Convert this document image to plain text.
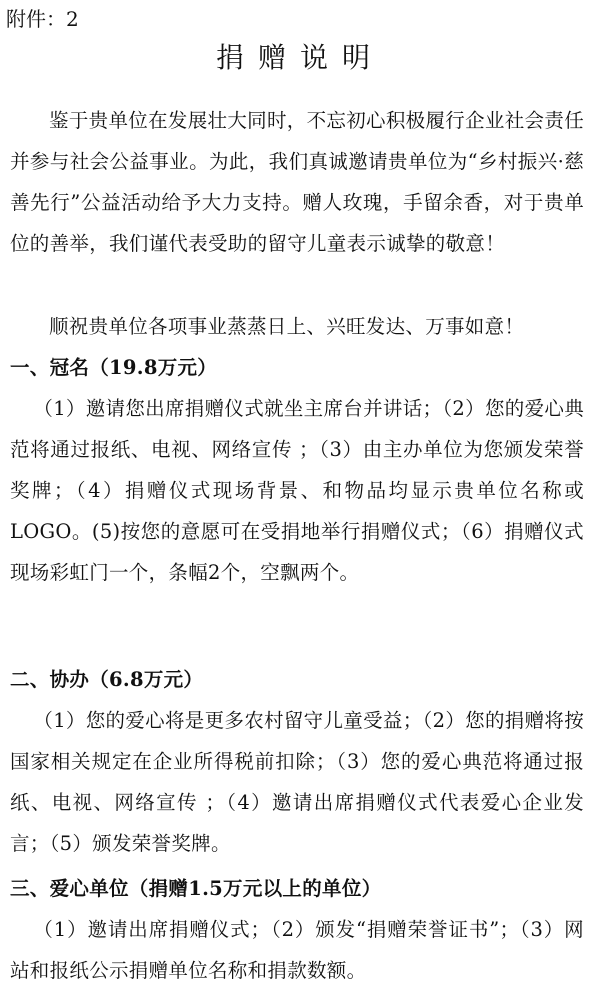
附件：2
捐赠说明
鉴于贵单位在发展壮大同时，不忘初心积极履行企业社会责任并参与社会公益事业。为此，我们真诚邀请贵单位为“乡村振兴·慈善先行”公益活动给予大力支持。赠人玫瑰，手留余香，对于贵单位的善举，我们谨代表受助的留守儿童表示诚挚的敬意！
顺祝贵单位各项事业蒸蒸日上、兴旺发达、万事如意！
一、冠名（19.8万元）
（1）邀请您出席捐赠仪式就坐主席台并讲话；（2）您的爱心典范将通过报纸、电视、网络宣传 ；（3）由主办单位为您颁发荣誉奖牌；（4）捐赠仪式现场背景、和物品均显示贵单位名称或LOGO。(5)按您的意愿可在受捐地举行捐赠仪式；（6）捐赠仪式现场彩虹门一个，条幅2个，空飘两个。
二、协办（6.8万元）
（1）您的爱心将是更多农村留守儿童受益；（2）您的捐赠将按国家相关规定在企业所得税前扣除；（3）您的爱心典范将通过报纸、电视、网络宣传 ；（4）邀请出席捐赠仪式代表爱心企业发言；（5）颁发荣誉奖牌。
三、爱心单位（捐赠1.5万元以上的单位）
（1）邀请出席捐赠仪式；（2）颁发“捐赠荣誉证书”；（3）网站和报纸公示捐赠单位名称和捐款数额。
